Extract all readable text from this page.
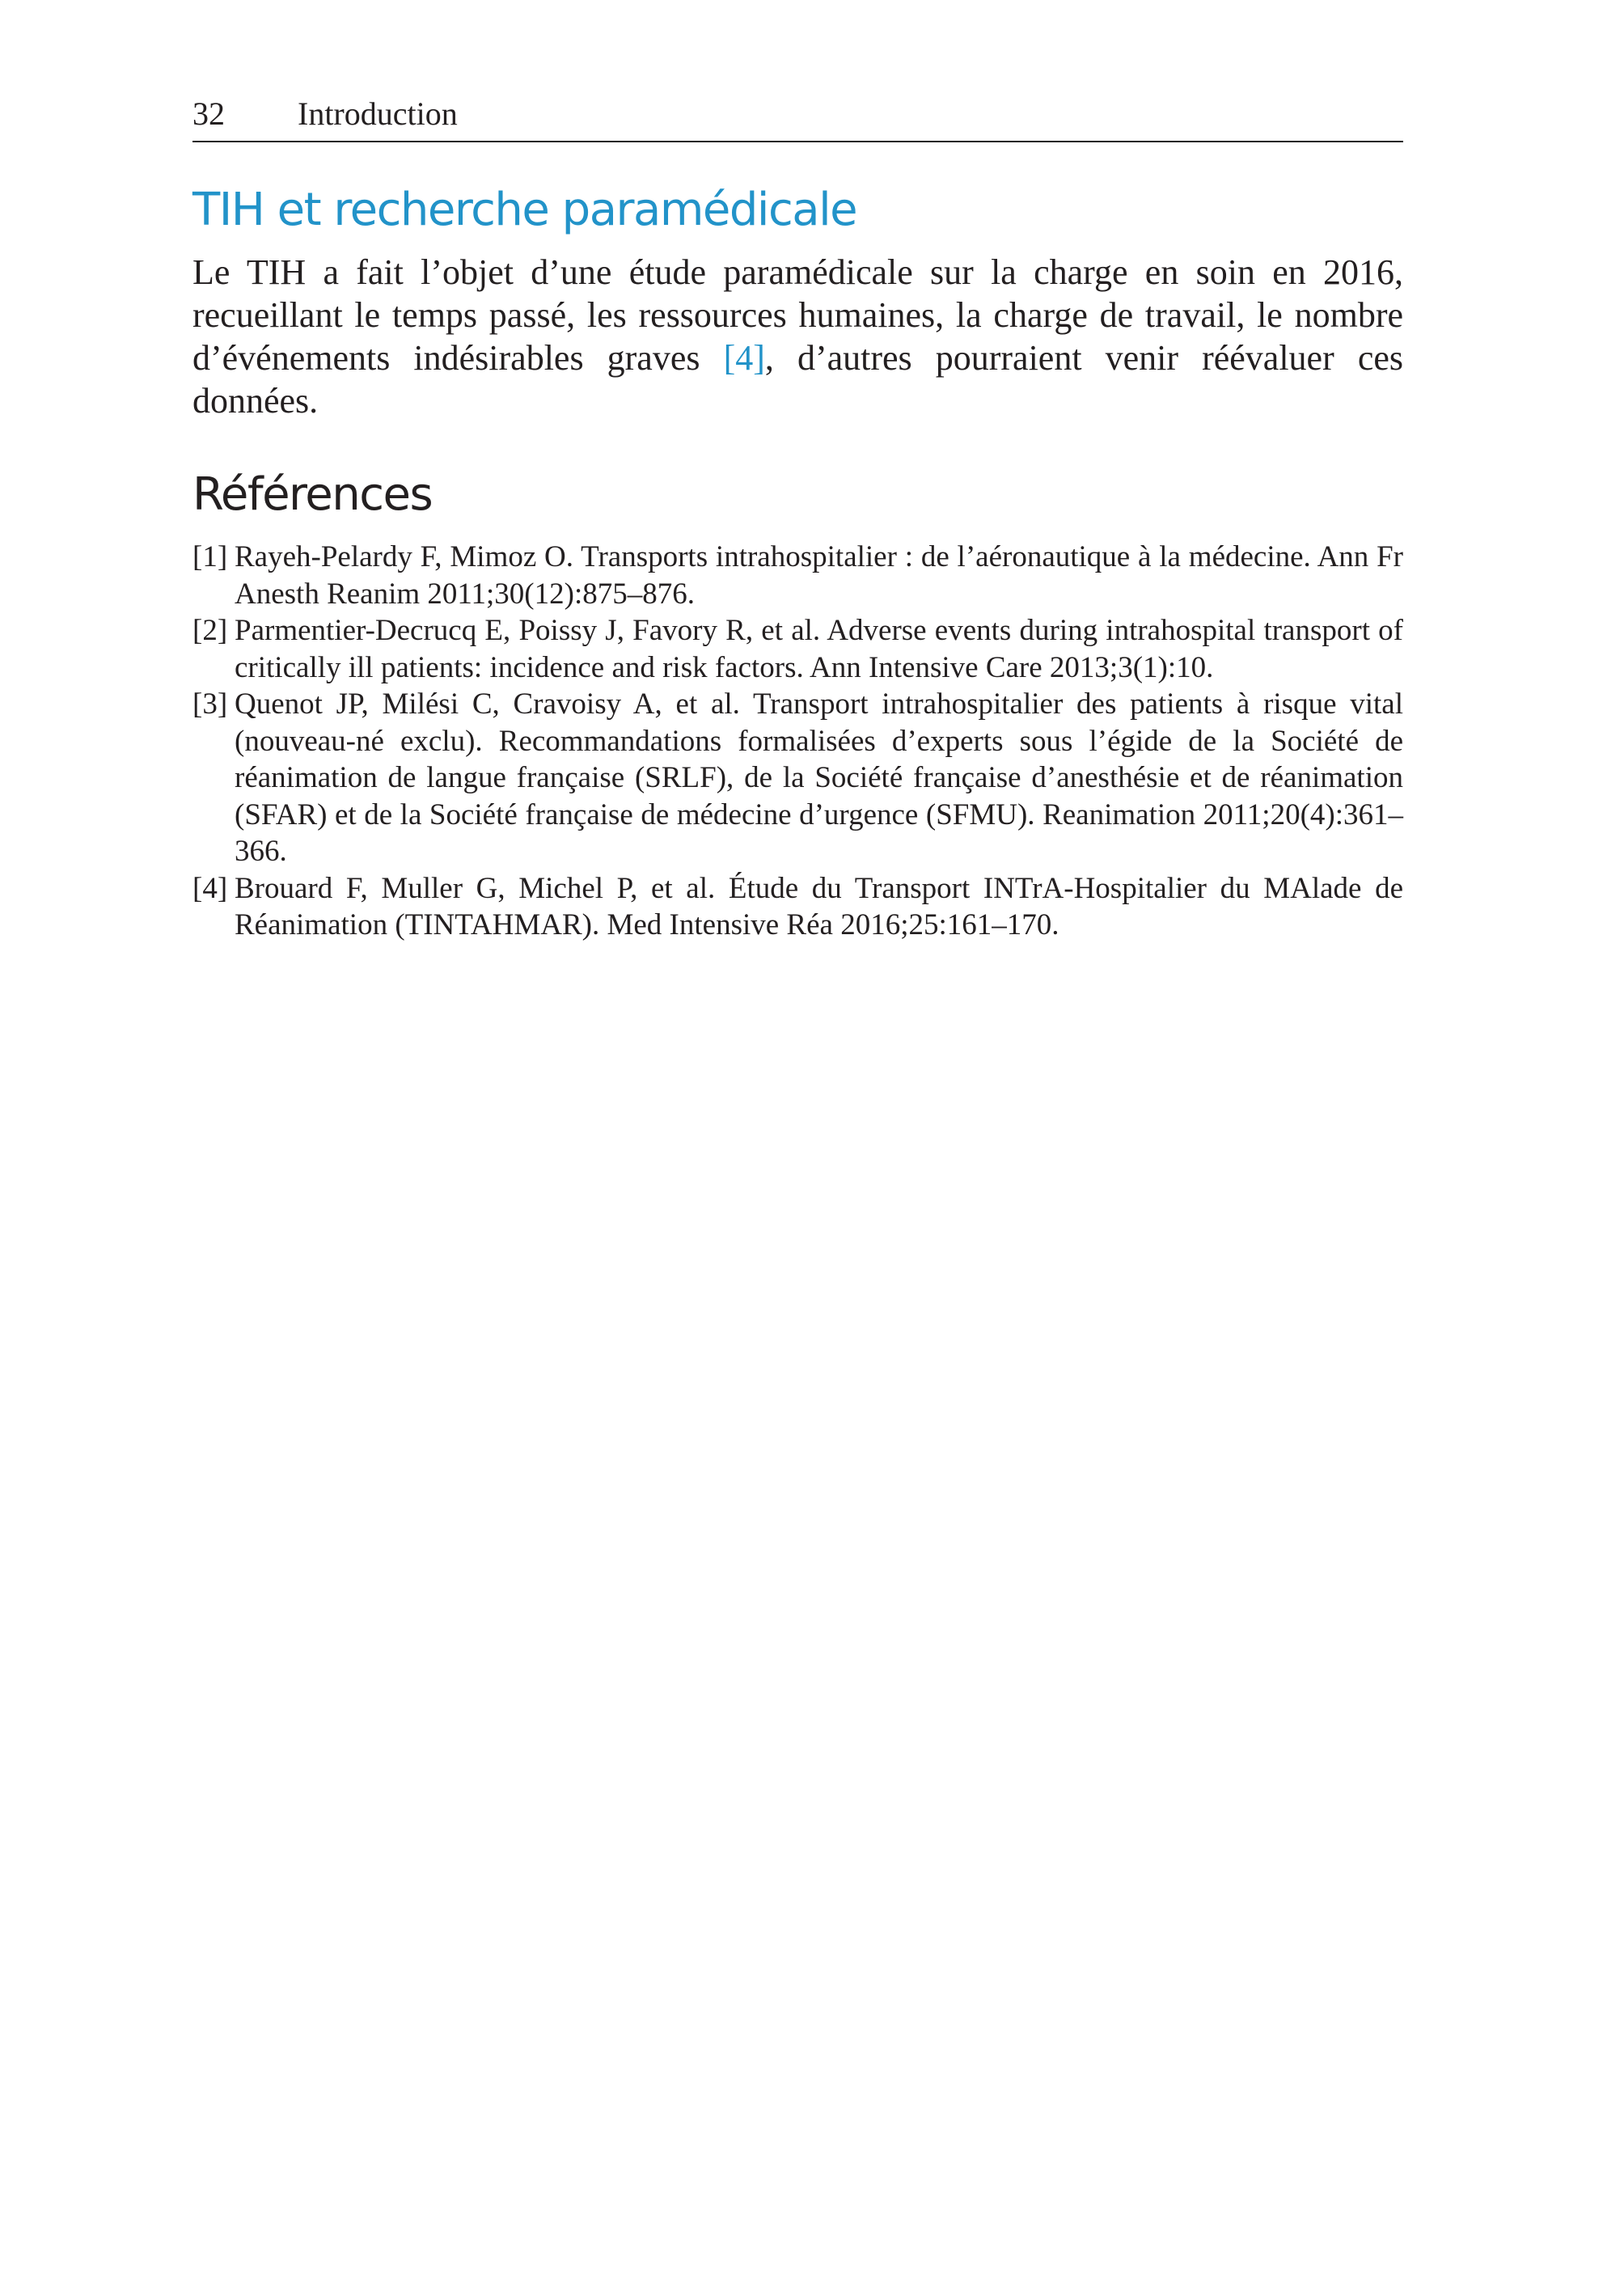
32 Introduction
TIH et recherche paramédicale

Le TIH a fait l’objet d’une étude paramédicale sur la charge en soin en 2016, recueillant le temps passé, les ressources humaines, la charge de travail, le nombre d’événements indésirables graves [4], d’autres pourraient venir réévaluer ces données.

Références
[1] Rayeh-Pelardy F, Mimoz O. Transports intrahospitalier : de l’aéronautique à la médecine. Ann Fr Anesth Reanim 2011;30(12):875–876.
[2] Parmentier-Decrucq E, Poissy J, Favory R, et al. Adverse events during intrahospital transport of critically ill patients: incidence and risk factors. Ann Intensive Care 2013;3(1):10.
[3] Quenot JP, Milési C, Cravoisy A, et al. Transport intrahospitalier des patients à risque vital (nouveau-né exclu). Recommandations formalisées d’experts sous l’égide de la Société de réanimation de langue française (SRLF), de la Société française d’anesthésie et de réanimation (SFAR) et de la Société française de médecine d’urgence (SFMU). Reanimation 2011;20(4):361–366.
[4] Brouard F, Muller G, Michel P, et al. Étude du Transport INTrA-Hospitalier du MAlade de Réanimation (TINTAHMAR). Med Intensive Réa 2016;25:161–170.
